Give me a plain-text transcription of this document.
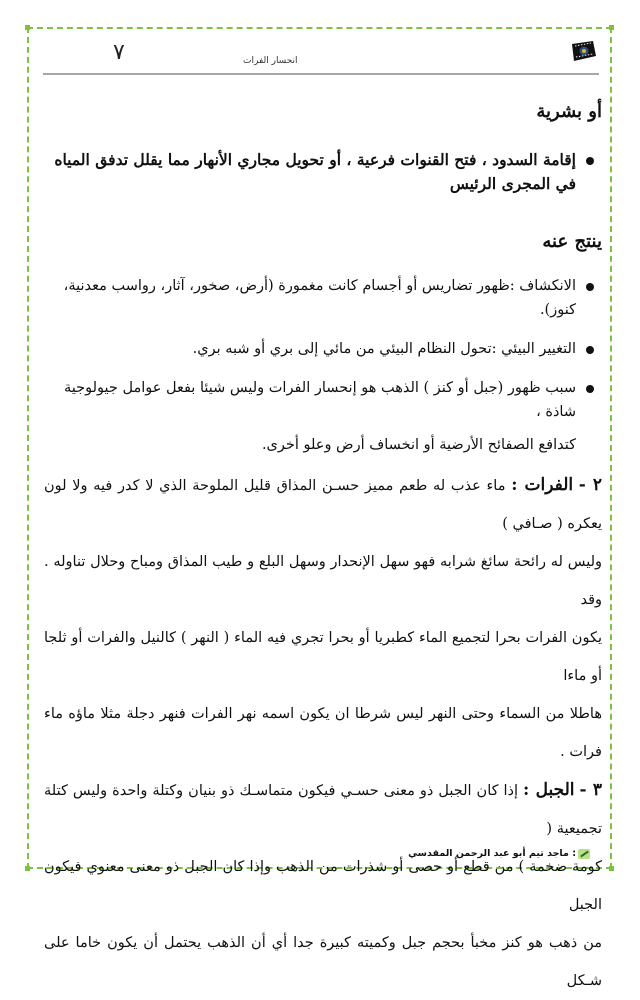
٧	انحسار الفرات
أو بشرية
إقامة السدود ، فتح القنوات فرعية ، أو تحويل مجاري الأنهار مما يقلل تدفق المياه في المجرى الرئيس
ينتج عنه
الانكشاف :ظهور تضاريس أو أجسام كانت مغمورة (أرض، صخور، آثار، رواسب معدنية، كنوز).
التغيير البيئي :تحول النظام البيئي من مائي إلى بري أو شبه بري.
سبب ظهور (جبل أو كنز ) الذهب هو إنحسار الفرات وليس شيئا بفعل عوامل جيولوجية شاذة ،

كتدافع الصفائح الأرضية أو انخساف أرض وعلو أخرى.

٢ - الفرات : ماء عذب له طعم مميز حسـن المذاق قليل الملوحة الذي لا كدر فيه ولا لون يعكره ( صـافي )

وليس له رائحة سائغ شرابه فهو سهل الإنحدار وسهل البلع و طيب المذاق ومباح وحلال تناوله . وقد

يكون الفرات بحرا لتجميع الماء كطبريا أو بحرا تجري فيه الماء ( النهر ) كالنيل والفرات أو ثلجا أو ماءا

هاطلا من السماء وحتى النهر ليس شرطا ان يكون اسمه نهر الفرات فنهر دجلة مثلا ماؤه ماء فرات .

٣ - الجبل : إذا كان الجبل ذو معنى حسـي فيكون متماسـك ذو بنيان وكتلة واحدة وليس كتلة تجميعية (

كومة ضخمة ) من قطع أو حصى أو شذرات من الذهب وإذا كان الجبل ذو معنى معنوي فيكون الجبل

من ذهب هو كنز مخبأ بحجم جبل وكميته كبيرة جدا أي أن الذهب يحتمل أن يكون خاما على شـكل

: ماجد تيم أبو عبد الرحمن المقدسي
